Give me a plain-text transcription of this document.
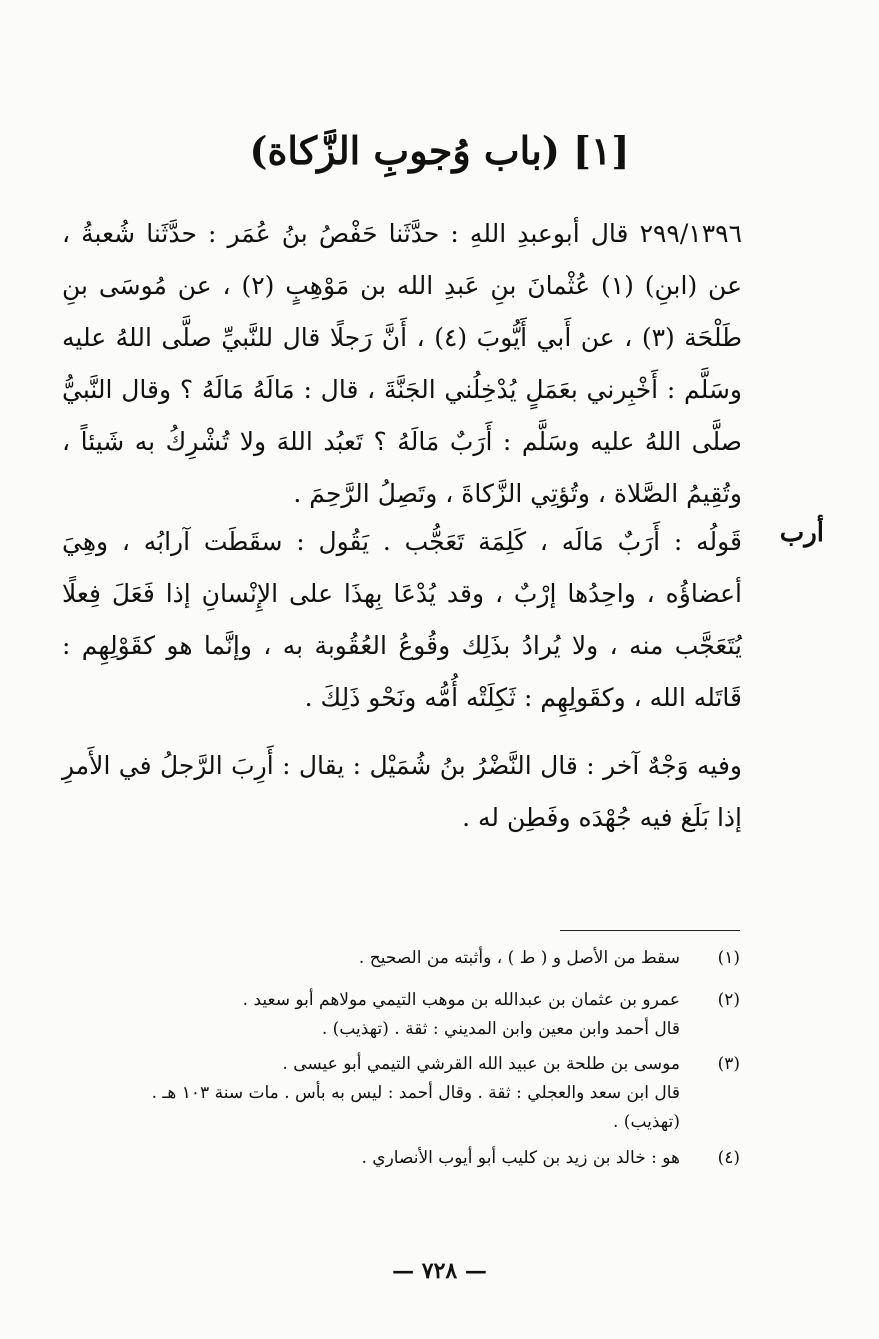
[١] (باب وُجوبِ الزَّكاة)
٢٩٩/١٣٩٦ قال أبوعبدِ اللهِ : حدَّثَنا حَفْصُ بنُ عُمَر : حدَّثَنا شُعبةُ ، عن (ابنِ) (١) عُثْمانَ بنِ عَبدِ الله بن مَوْهِبٍ (٢) ، عن مُوسَى بنِ طَلْحَة (٣) ، عن أَبي أَيُّوبَ (٤) ، أَنَّ رَجلًا قال للنَّبيِّ صلَّى اللهُ عليه وسَلَّم : أَخْبِرني بعَمَلٍ يُدْخِلُني الجَنَّةَ ، قال : مَالَهُ مَالَهُ ؟ وقال النَّبيُّ صلَّى اللهُ عليه وسَلَّم : أَرَبٌ مَالَهُ ؟ تَعبُد اللهَ ولا تُشْرِكُ به شَيئاً ، وتُقِيمُ الصَّلاة ، وتُؤتِي الزَّكاةَ ، وتَصِلُ الرَّحِمَ .
أرب
قَولُه : أَرَبٌ مَالَه ، كَلِمَة تَعَجُّب . يَقُول : سقَطَت آرابُه ، وهِيَ أعضاؤُه ، واحِدُها إرْبٌ ، وقد يُدْعَا بِهذَا على الإِنْسانِ إذا فَعَلَ فِعلًا يُتَعَجَّب منه ، ولا يُرادُ بذَلِك وقُوعُ العُقُوبة به ، وإنَّما هو كقَوْلِهِم : قَاتَله الله ، وكقَولِهِم : ثَكِلَتْه أُمُّه ونَحْو ذَلِكَ .
وفيه وَجْهٌ آخر : قال النَّضْرُ بنُ شُمَيْل : يقال : أَرِبَ الرَّجلُ في الأَمرِ إذا بَلَغ فيه جُهْدَه وفَطِن له .
(١)
سقط من الأصل و ( ط ) ، وأثبته من الصحيح .
(٢)
عمرو بن عثمان بن عبدالله بن موهب التيمي مولاهم أبو سعيد .
قال أحمد وابن معين وابن المديني : ثقة . (تهذيب) .
(٣)
موسى بن طلحة بن عبيد الله القرشي التيمي أبو عيسى .
قال ابن سعد والعجلي : ثقة . وقال أحمد : ليس به بأس . مات سنة ١٠٣ هـ .
(تهذيب) .
(٤)
هو : خالد بن زيد بن كليب أبو أيوب الأنصاري .
— ٧٢٨ —
